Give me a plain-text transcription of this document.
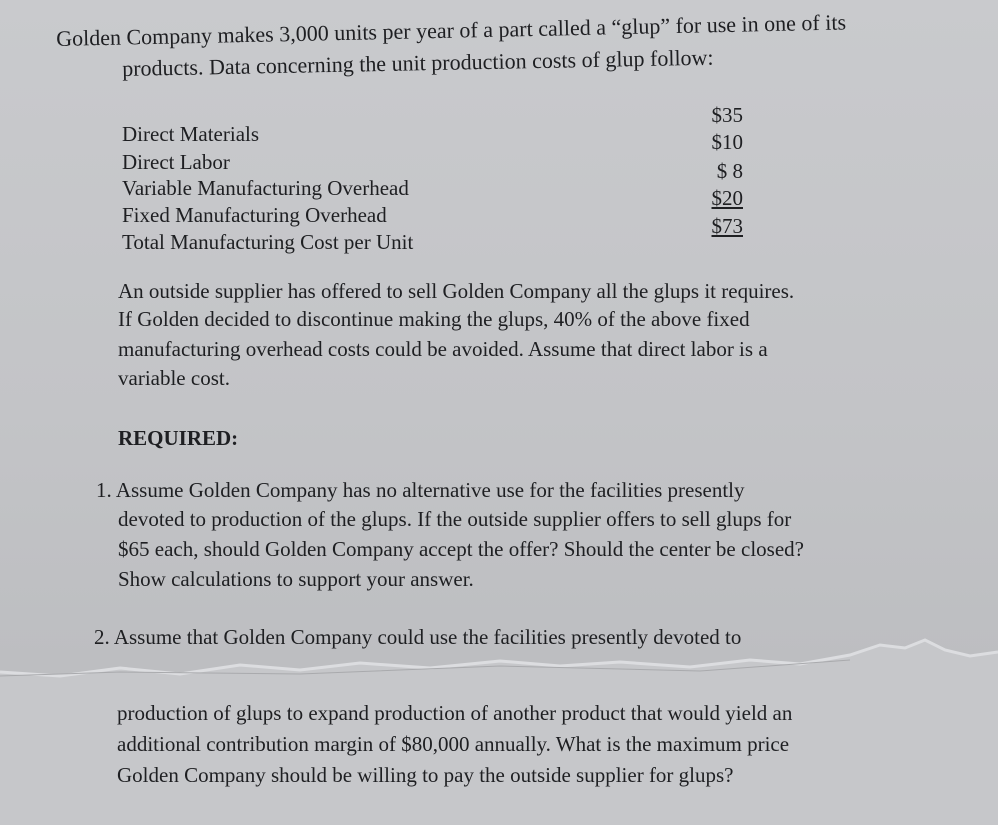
Golden Company makes 3,000 units per year of a part called a “glup” for use in one of its
products. Data concerning the unit production costs of glup follow:
Direct Materials
Direct Labor
Variable Manufacturing Overhead
Fixed Manufacturing Overhead
Total Manufacturing Cost per Unit
$35
$10
$ 8
$20
$73
An outside supplier has offered to sell Golden Company all the glups it requires.
If Golden decided to discontinue making the glups, 40% of the above fixed
manufacturing overhead costs could be avoided. Assume that direct labor is a
variable cost.
REQUIRED:
1. Assume Golden Company has no alternative use for the facilities presently
devoted to production of the glups. If the outside supplier offers to sell glups for
$65 each, should Golden Company accept the offer? Should the center be closed?
Show calculations to support your answer.
2. Assume that Golden Company could use the facilities presently devoted to
production of glups to expand production of another product that would yield an
additional contribution margin of $80,000 annually. What is the maximum price
Golden Company should be willing to pay the outside supplier for glups?
